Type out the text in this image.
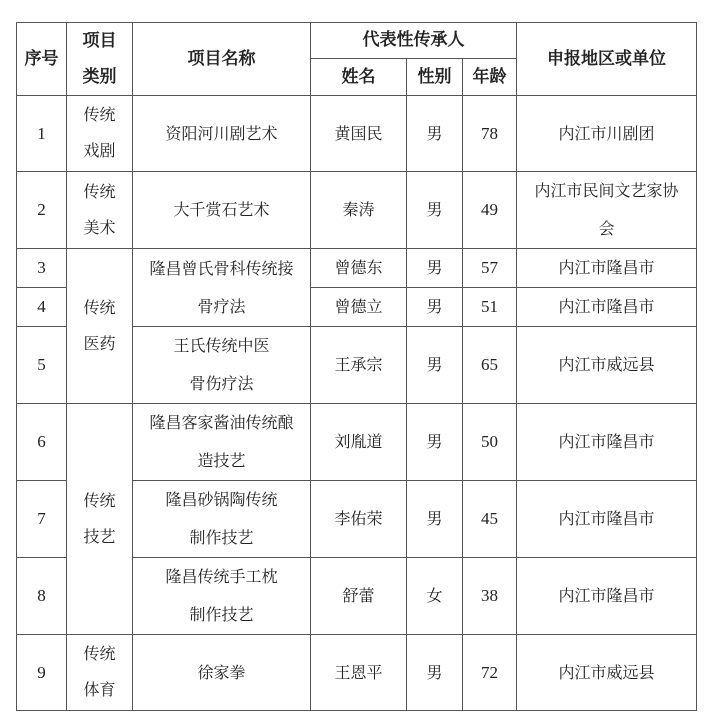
序号	项目类别	项目名称	代表性传承人			申报地区或单位
			姓名	性别	年龄	
1	传统戏剧	资阳河川剧艺术	黄国民	男	78	内江市川剧团
2	传统美术	大千赏石艺术	秦涛	男	49	内江市民间文艺家协会
3	传统医药	隆昌曾氏骨科传统接骨疗法	曾德东	男	57	内江市隆昌市
4			曾德立	男	51	内江市隆昌市
5		王氏传统中医骨伤疗法	王承宗	男	65	内江市威远县
6	传统技艺	隆昌客家酱油传统酿造技艺	刘胤道	男	50	内江市隆昌市
7		隆昌砂锅陶传统制作技艺	李佑荣	男	45	内江市隆昌市
8		隆昌传统手工枕制作技艺	舒蕾	女	38	内江市隆昌市
9	传统体育	徐家拳	王恩平	男	72	内江市威远县
